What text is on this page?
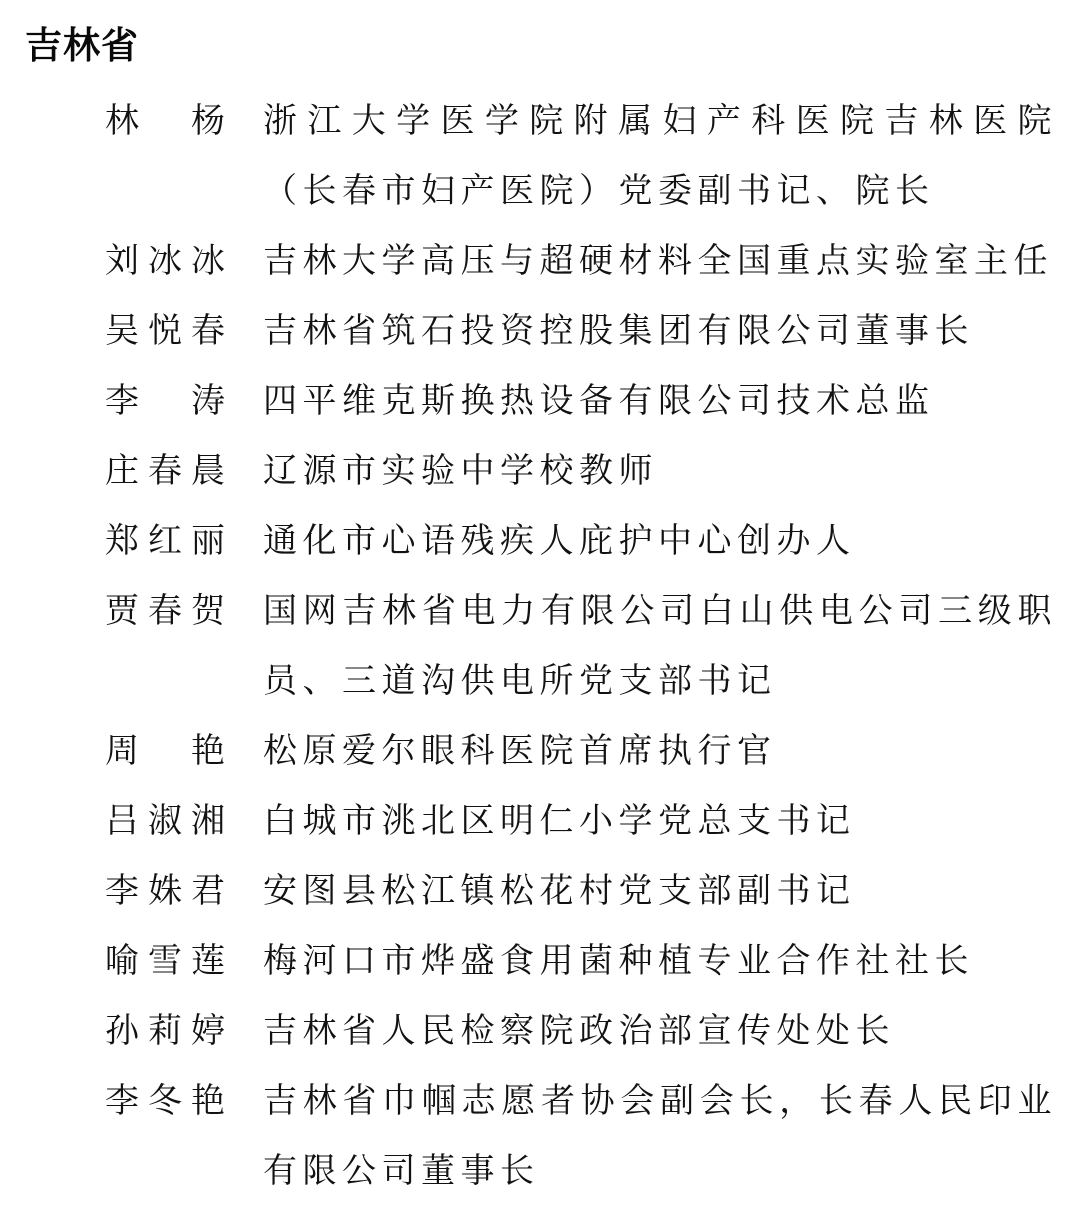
吉林省
林 杨 浙江大学医学院附属妇产科医院吉林医院
（长春市妇产医院）党委副书记、院长
刘 冰 冰 吉林大学高压与超硬材料全国重点实验室主任
吴 悦 春 吉林省筑石投资控股集团有限公司董事长
李 涛 四平维克斯换热设备有限公司技术总监
庄 春 晨 辽源市实验中学校教师
郑 红 丽 通化市心语残疾人庇护中心创办人
贾 春 贺 国网吉林省电力有限公司白山供电公司三级职
员、三道沟供电所党支部书记
周 艳 松原爱尔眼科医院首席执行官
吕 淑 湘 白城市洮北区明仁小学党总支书记
李 姝 君 安图县松江镇松花村党支部副书记
喻 雪 莲 梅河口市烨盛食用菌种植专业合作社社长
孙 莉 婷 吉林省人民检察院政治部宣传处处长
李 冬 艳 吉林省巾帼志愿者协会副会长，长春人民印业
有限公司董事长
